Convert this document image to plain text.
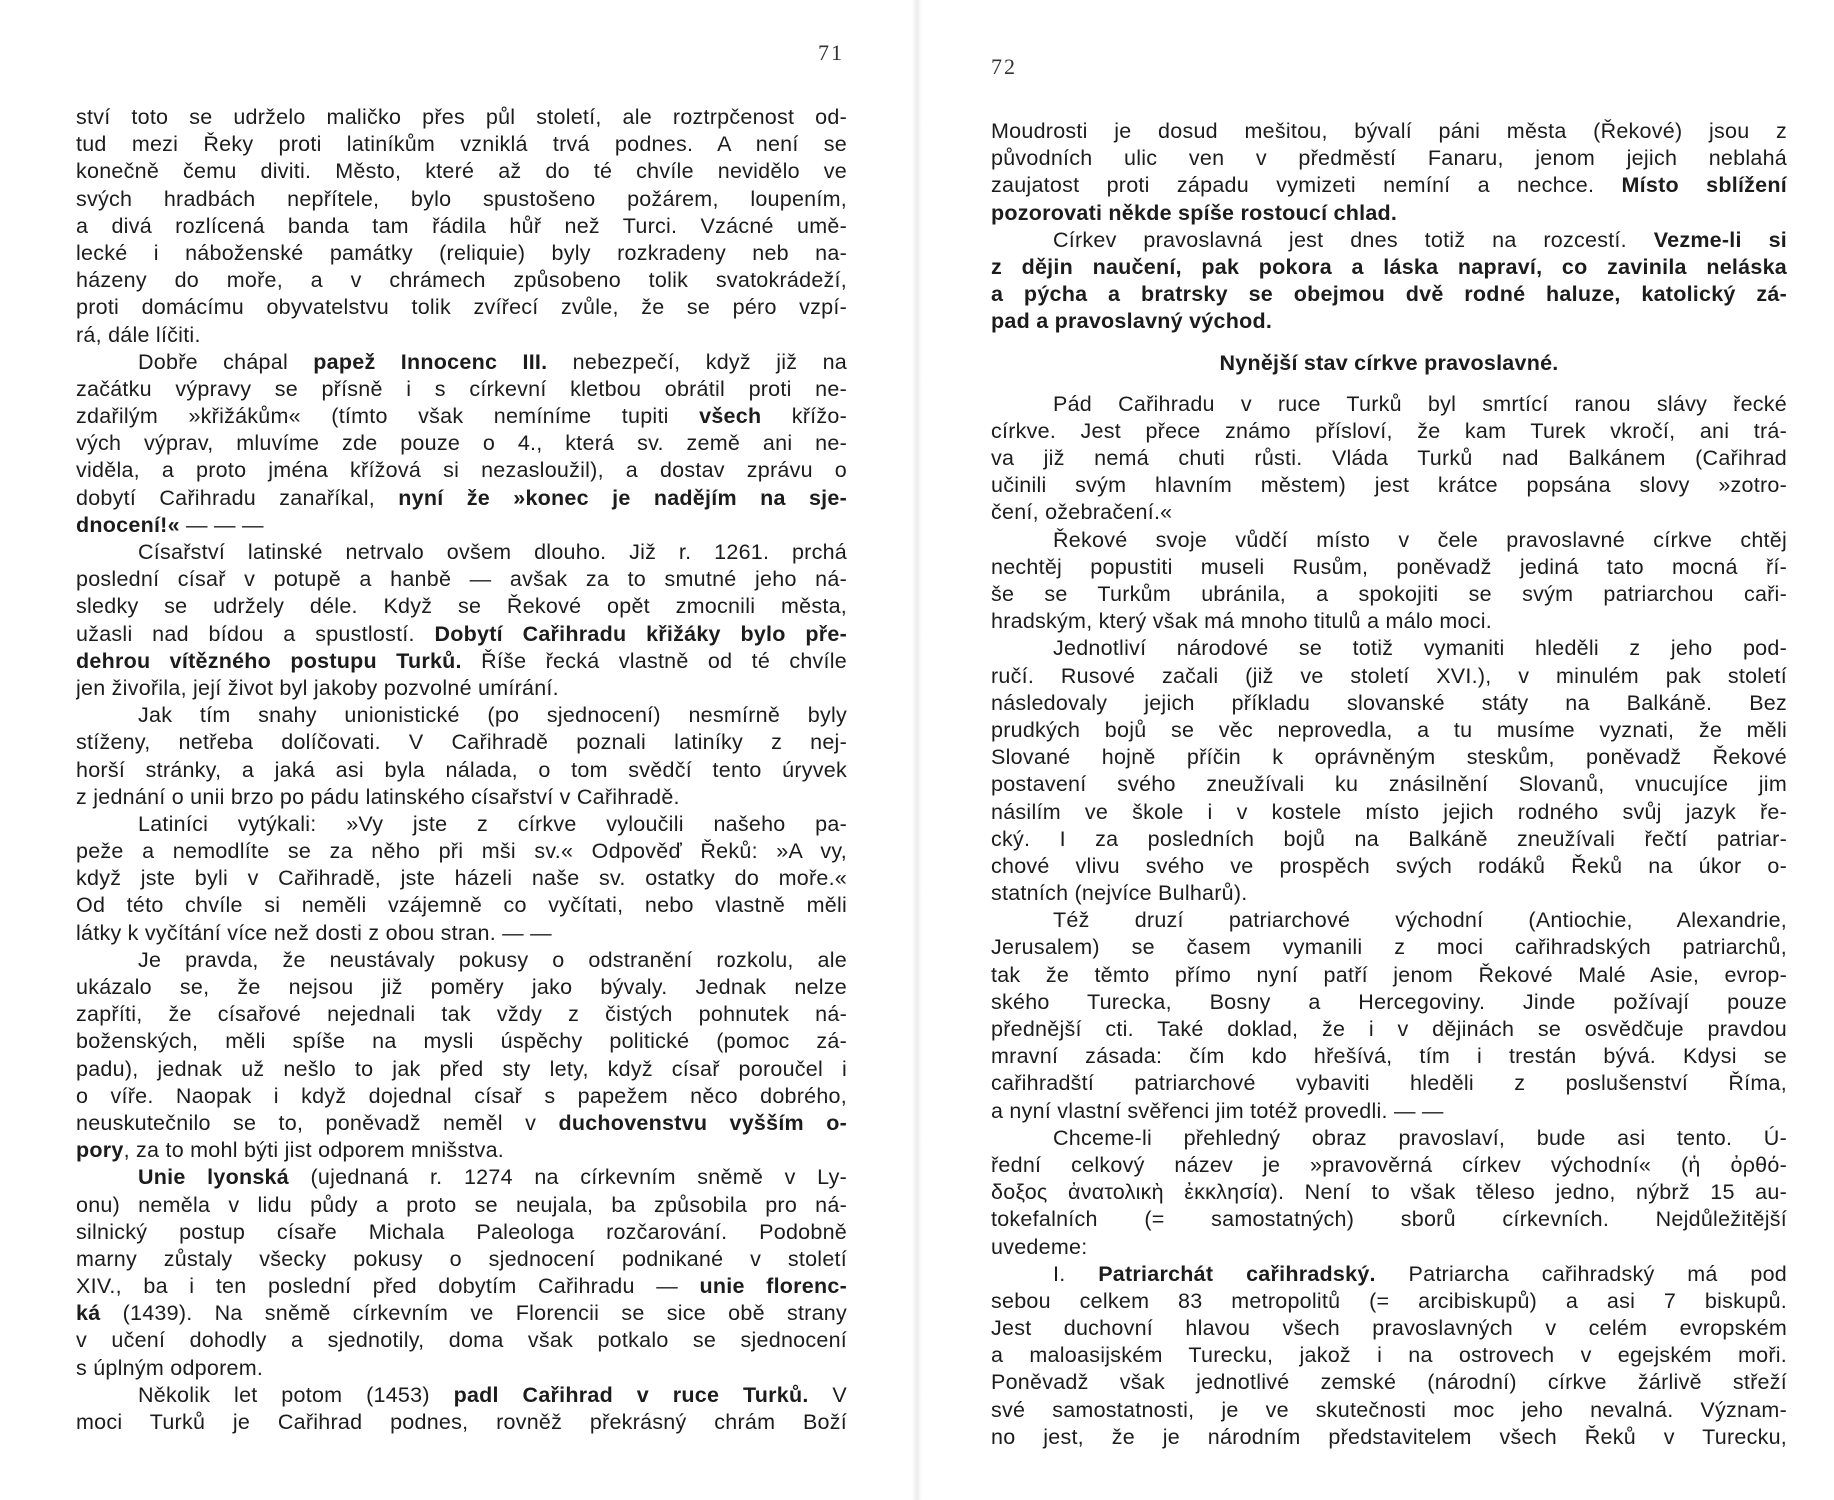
71
ství toto se udrželo maličko přes půl století, ale roztrpčenost od-
tud mezi Řeky proti latiníkům vzniklá trvá podnes. A není se
konečně čemu diviti. Město, které až do té chvíle nevidělo ve
svých hradbách nepřítele, bylo spustošeno požárem, loupením,
a divá rozlícená banda tam řádila hůř než Turci. Vzácné umě-
lecké i náboženské památky (reliquie) byly rozkradeny neb na-
házeny do moře, a v chrámech způsobeno tolik svatokrádeží,
proti domácímu obyvatelstvu tolik zvířecí zvůle, že se péro vzpí-
rá, dále líčiti.
Dobře chápal papež Innocenc III. nebezpečí, když již na
začátku výpravy se přísně i s církevní kletbou obrátil proti ne-
zdařilým »křižákům« (tímto však nemíníme tupiti všech křížo-
vých výprav, mluvíme zde pouze o 4., která sv. země ani ne-
viděla, a proto jména křížová si nezasloužil), a dostav zprávu o
dobytí Cařihradu zanaříkal, nyní že »konec je nadějím na sje-
dnocení!« — — —
Císařství latinské netrvalo ovšem dlouho. Již r. 1261. prchá
poslední císař v potupě a hanbě — avšak za to smutné jeho ná-
sledky se udržely déle. Když se Řekové opět zmocnili města,
užasli nad bídou a spustlostí. Dobytí Cařihradu křižáky bylo pře-
dehrou vítězného postupu Turků. Říše řecká vlastně od té chvíle
jen živořila, její život byl jakoby pozvolné umírání.
Jak tím snahy unionistické (po sjednocení) nesmírně byly
stíženy, netřeba dolíčovati. V Cařihradě poznali latiníky z nej-
horší stránky, a jaká asi byla nálada, o tom svědčí tento úryvek
z jednání o unii brzo po pádu latinského císařství v Cařihradě.
Latiníci vytýkali: »Vy jste z církve vyloučili našeho pa-
peže a nemodlíte se za něho při mši sv.« Odpověď Řeků: »A vy,
když jste byli v Cařihradě, jste házeli naše sv. ostatky do moře.«
Od této chvíle si neměli vzájemně co vyčítati, nebo vlastně měli
látky k vyčítání více než dosti z obou stran. — —
Je pravda, že neustávaly pokusy o odstranění rozkolu, ale
ukázalo se, že nejsou již poměry jako bývaly. Jednak nelze
zapříti, že císařové nejednali tak vždy z čistých pohnutek ná-
boženských, měli spíše na mysli úspěchy politické (pomoc zá-
padu), jednak už nešlo to jak před sty lety, když císař poroučel i
o víře. Naopak i když dojednal císař s papežem něco dobrého,
neuskutečnilo se to, poněvadž neměl v duchovenstvu vyšším o-
pory, za to mohl býti jist odporem mnišstva.
Unie lyonská (ujednaná r. 1274 na církevním sněmě v Ly-
onu) neměla v lidu půdy a proto se neujala, ba způsobila pro ná-
silnický postup císaře Michala Paleologa rozčarování. Podobně
marny zůstaly všecky pokusy o sjednocení podnikané v století
XIV., ba i ten poslední před dobytím Cařihradu — unie florenc-
ká (1439). Na sněmě církevním ve Florencii se sice obě strany
v učení dohodly a sjednotily, doma však potkalo se sjednocení
s úplným odporem.
Několik let potom (1453) padl Cařihrad v ruce Turků. V
moci Turků je Cařihrad podnes, rovněž překrásný chrám Boží
72
Moudrosti je dosud mešitou, bývalí páni města (Řekové) jsou z
původních ulic ven v předměstí Fanaru, jenom jejich neblahá
zaujatost proti západu vymizeti nemíní a nechce. Místo sblížení
pozorovati někde spíše rostoucí chlad.
Církev pravoslavná jest dnes totiž na rozcestí. Vezme-li si
z dějin naučení, pak pokora a láska napraví, co zavinila neláska
a pýcha a bratrsky se obejmou dvě rodné haluze, katolický zá-
pad a pravoslavný východ.
Nynější stav církve pravoslavné.
Pád Cařihradu v ruce Turků byl smrtící ranou slávy řecké
církve. Jest přece známo přísloví, že kam Turek vkročí, ani trá-
va již nemá chuti růsti. Vláda Turků nad Balkánem (Cařihrad
učinili svým hlavním městem) jest krátce popsána slovy »zotro-
čení, ožebračení.«
Řekové svoje vůdčí místo v čele pravoslavné církve chtěj
nechtěj popustiti museli Rusům, poněvadž jediná tato mocná ří-
še se Turkům ubránila, a spokojiti se svým patriarchou caři-
hradským, který však má mnoho titulů a málo moci.
Jednotliví národové se totiž vymaniti hleděli z jeho pod-
ručí. Rusové začali (již ve století XVI.), v minulém pak století
následovaly jejich příkladu slovanské státy na Balkáně. Bez
prudkých bojů se věc neprovedla, a tu musíme vyznati, že měli
Slované hojně příčin k oprávněným steskům, poněvadž Řekové
postavení svého zneužívali ku znásilnění Slovanů, vnucujíce jim
násilím ve škole i v kostele místo jejich rodného svůj jazyk ře-
cký. I za posledních bojů na Balkáně zneužívali řečtí patriar-
chové vlivu svého ve prospěch svých rodáků Řeků na úkor o-
statních (nejvíce Bulharů).
Též druzí patriarchové východní (Antiochie, Alexandrie,
Jerusalem) se časem vymanili z moci cařihradských patriarchů,
tak že těmto přímo nyní patří jenom Řekové Malé Asie, evrop-
ského Turecka, Bosny a Hercegoviny. Jinde požívají pouze
přednější cti. Také doklad, že i v dějinách se osvědčuje pravdou
mravní zásada: čím kdo hřešívá, tím i trestán bývá. Kdysi se
cařihradští patriarchové vybaviti hleděli z poslušenství Říma,
a nyní vlastní svěřenci jim totéž provedli. — —
Chceme-li přehledný obraz pravoslaví, bude asi tento. Ú-
řední celkový název je »pravověrná církev východní« (ἡ ὀρθό-
δοξος ἀνατολικὴ ἐκκλησία). Není to však těleso jedno, nýbrž 15 au-
tokefalních (= samostatných) sborů církevních. Nejdůležitější
uvedeme:
I. Patriarchát cařihradský. Patriarcha cařihradský má pod
sebou celkem 83 metropolitů (= arcibiskupů) a asi 7 biskupů.
Jest duchovní hlavou všech pravoslavných v celém evropském
a maloasijském Turecku, jakož i na ostrovech v egejském moři.
Poněvadž však jednotlivé zemské (národní) církve žárlivě střeží
své samostatnosti, je ve skutečnosti moc jeho nevalná. Význam-
no jest, že je národním představitelem všech Řeků v Turecku,
